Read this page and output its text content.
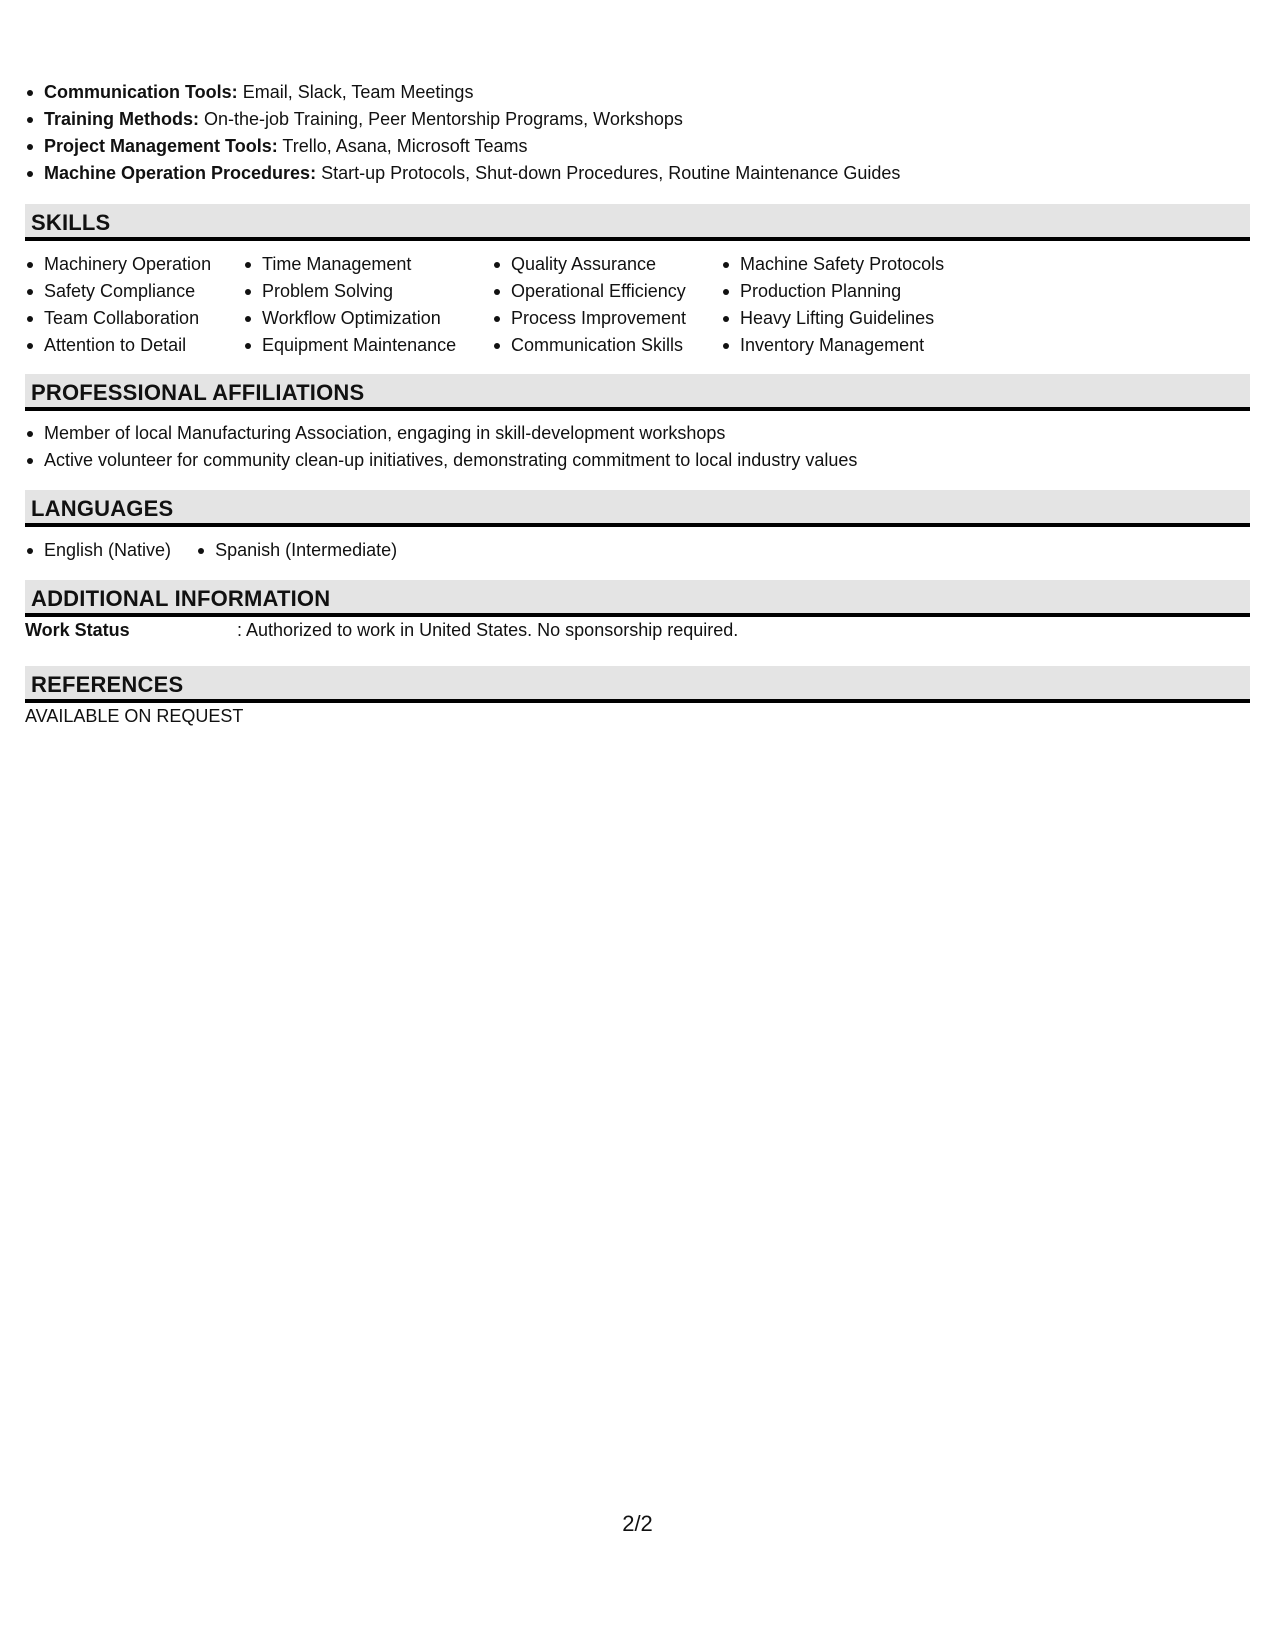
Communication Tools: Email, Slack, Team Meetings
Training Methods: On-the-job Training, Peer Mentorship Programs, Workshops
Project Management Tools: Trello, Asana, Microsoft Teams
Machine Operation Procedures: Start-up Protocols, Shut-down Procedures, Routine Maintenance Guides
SKILLS
Machinery Operation
Safety Compliance
Team Collaboration
Attention to Detail
Time Management
Problem Solving
Workflow Optimization
Equipment Maintenance
Quality Assurance
Operational Efficiency
Process Improvement
Communication Skills
Machine Safety Protocols
Production Planning
Heavy Lifting Guidelines
Inventory Management
PROFESSIONAL AFFILIATIONS
Member of local Manufacturing Association, engaging in skill-development workshops
Active volunteer for community clean-up initiatives, demonstrating commitment to local industry values
LANGUAGES
English (Native) Spanish (Intermediate)
ADDITIONAL INFORMATION
Work Status	: Authorized to work in United States. No sponsorship required.
REFERENCES
AVAILABLE ON REQUEST
2/2
